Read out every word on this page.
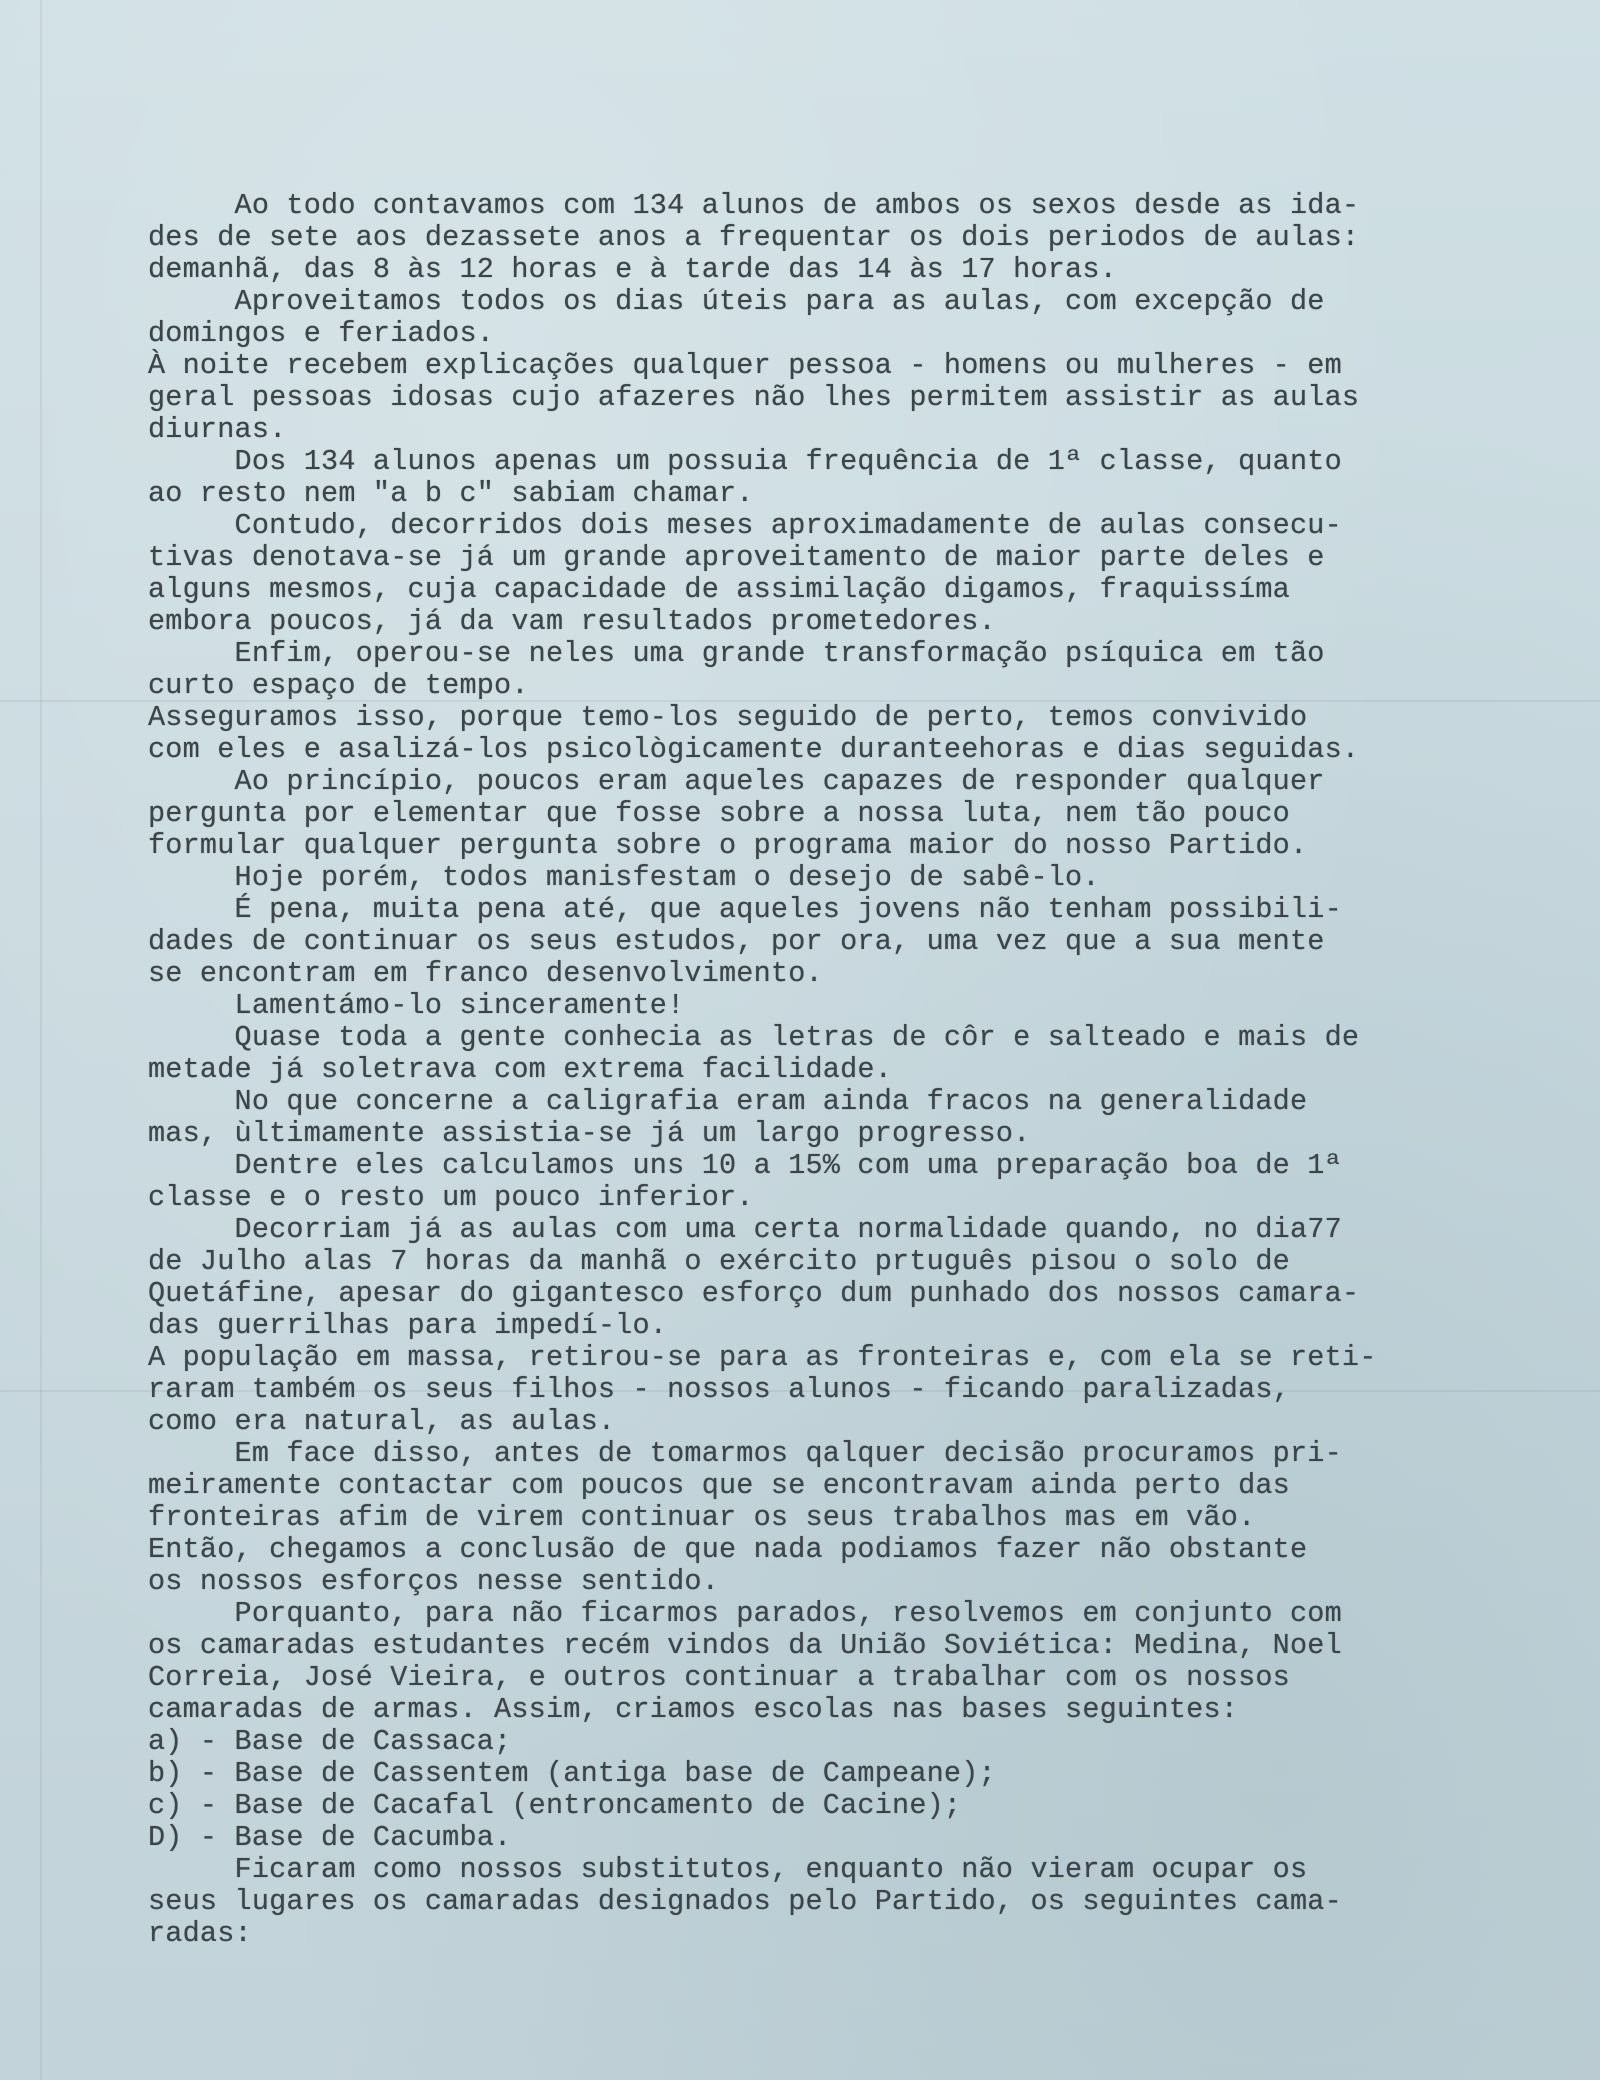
Ao todo contavamos com 134 alunos de ambos os sexos desde as ida-
des de sete aos dezassete anos a frequentar os dois periodos de aulas:
demanhã, das 8 às 12 horas e à tarde das 14 às 17 horas.
Aproveitamos todos os dias úteis para as aulas, com excepção de
domingos e feriados.
À noite recebem explicações qualquer pessoa - homens ou mulheres - em
geral pessoas idosas cujo afazeres não lhes permitem assistir as aulas
diurnas.
Dos 134 alunos apenas um possuia frequência de 1ª classe, quanto
ao resto nem "a b c" sabiam chamar.
Contudo, decorridos dois meses aproximadamente de aulas consecu-
tivas denotava-se já um grande aproveitamento de maior parte deles e
alguns mesmos, cuja capacidade de assimilação digamos, fraquissíma
embora poucos, já da vam resultados prometedores.
Enfim, operou-se neles uma grande transformação psíquica em tão
curto espaço de tempo.
Asseguramos isso, porque temo-los seguido de perto, temos convivido
com eles e asalizá-los psicològicamente duranteehoras e dias seguidas.
Ao princípio, poucos eram aqueles capazes de responder qualquer
pergunta por elementar que fosse sobre a nossa luta, nem tão pouco
formular qualquer pergunta sobre o programa maior do nosso Partido.
Hoje porém, todos manisfestam o desejo de sabê-lo.
É pena, muita pena até, que aqueles jovens não tenham possibili-
dades de continuar os seus estudos, por ora, uma vez que a sua mente
se encontram em franco desenvolvimento.
Lamentámo-lo sinceramente!
Quase toda a gente conhecia as letras de côr e salteado e mais de
metade já soletrava com extrema facilidade.
No que concerne a caligrafia eram ainda fracos na generalidade
mas, ùltimamente assistia-se já um largo progresso.
Dentre eles calculamos uns 10 a 15% com uma preparação boa de 1ª
classe e o resto um pouco inferior.
Decorriam já as aulas com uma certa normalidade quando, no dia77
de Julho alas 7 horas da manhã o exército prtuguês pisou o solo de
Quetáfine, apesar do gigantesco esforço dum punhado dos nossos camara-
das guerrilhas para impedí-lo.
A população em massa, retirou-se para as fronteiras e, com ela se reti-
raram também os seus filhos - nossos alunos - ficando paralizadas,
como era natural, as aulas.
Em face disso, antes de tomarmos qalquer decisão procuramos pri-
meiramente contactar com poucos que se encontravam ainda perto das
fronteiras afim de virem continuar os seus trabalhos mas em vão.
Então, chegamos a conclusão de que nada podiamos fazer não obstante
os nossos esforços nesse sentido.
Porquanto, para não ficarmos parados, resolvemos em conjunto com
os camaradas estudantes recém vindos da União Soviética: Medina, Noel
Correia, José Vieira, e outros continuar a trabalhar com os nossos
camaradas de armas. Assim, criamos escolas nas bases seguintes:
a) - Base de Cassaca;
b) - Base de Cassentem (antiga base de Campeane);
c) - Base de Cacafal (entroncamento de Cacine);
D) - Base de Cacumba.
Ficaram como nossos substitutos, enquanto não vieram ocupar os
seus lugares os camaradas designados pelo Partido, os seguintes cama-
radas:
